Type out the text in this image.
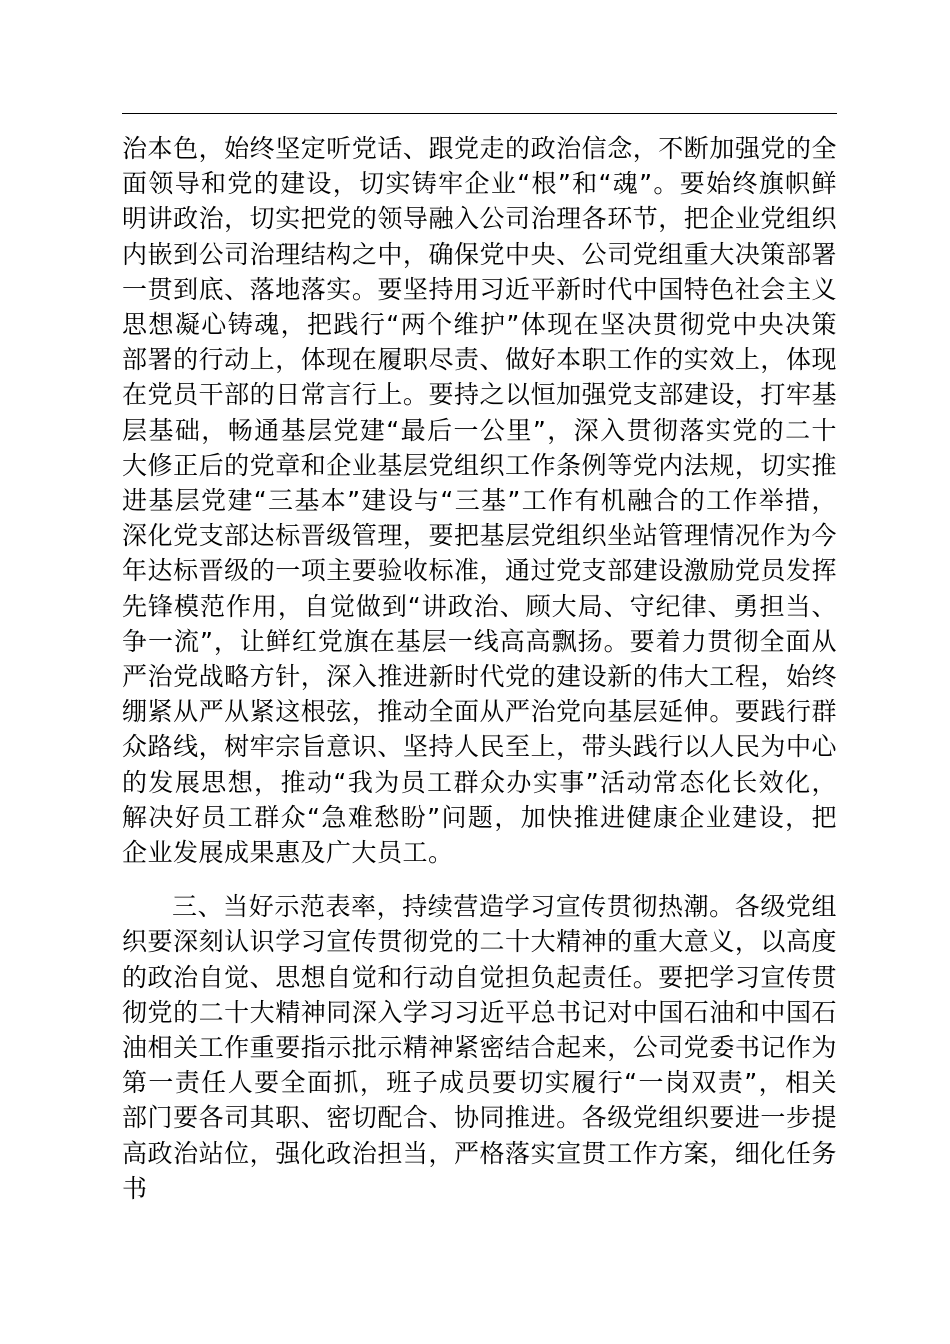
治本色，始终坚定听党话、跟党走的政治信念，不断加强党的全面领导和党的建设，切实铸牢企业“根”和“魂”。要始终旗帜鲜明讲政治，切实把党的领导融入公司治理各环节，把企业党组织内嵌到公司治理结构之中，确保党中央、公司党组重大决策部署一贯到底、落地落实。要坚持用习近平新时代中国特色社会主义思想凝心铸魂，把践行“两个维护”体现在坚决贯彻党中央决策部署的行动上，体现在履职尽责、做好本职工作的实效上，体现在党员干部的日常言行上。要持之以恒加强党支部建设，打牢基层基础，畅通基层党建“最后一公里”，深入贯彻落实党的二十大修正后的党章和企业基层党组织工作条例等党内法规，切实推进基层党建“三基本”建设与“三基”工作有机融合的工作举措，深化党支部达标晋级管理，要把基层党组织坐站管理情况作为今年达标晋级的一项主要验收标准，通过党支部建设激励党员发挥先锋模范作用，自觉做到“讲政治、顾大局、守纪律、勇担当、争一流”，让鲜红党旗在基层一线高高飘扬。要着力贯彻全面从严治党战略方针，深入推进新时代党的建设新的伟大工程，始终绷紧从严从紧这根弦，推动全面从严治党向基层延伸。要践行群众路线，树牢宗旨意识、坚持人民至上，带头践行以人民为中心的发展思想，推动“我为员工群众办实事”活动常态化长效化，解决好员工群众“急难愁盼”问题，加快推进健康企业建设，把企业发展成果惠及广大员工。

三、当好示范表率，持续营造学习宣传贯彻热潮。各级党组织要深刻认识学习宣传贯彻党的二十大精神的重大意义，以高度的政治自觉、思想自觉和行动自觉担负起责任。要把学习宣传贯彻党的二十大精神同深入学习习近平总书记对中国石油和中国石油相关工作重要指示批示精神紧密结合起来，公司党委书记作为第一责任人要全面抓，班子成员要切实履行“一岗双责”，相关部门要各司其职、密切配合、协同推进。各级党组织要进一步提高政治站位，强化政治担当，严格落实宣贯工作方案，细化任务书
